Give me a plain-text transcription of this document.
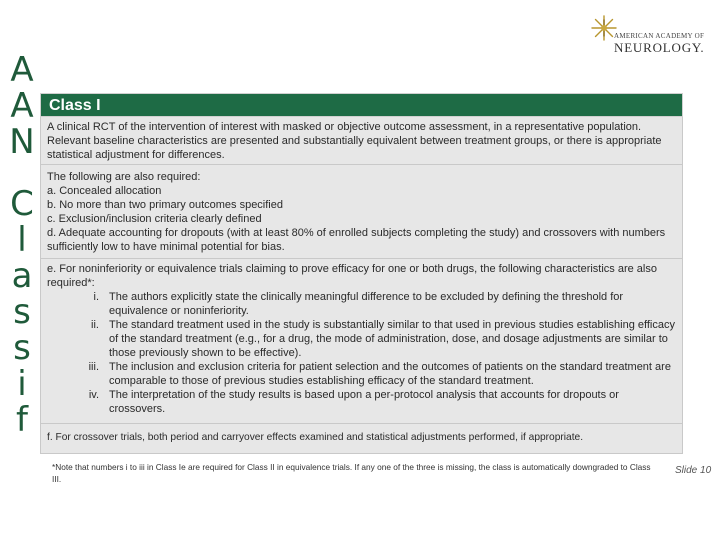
A
A
N
C
l
a
s
s
i
f
AMERICAN ACADEMY OF
NEUROLOGY.
Class I
A clinical RCT of the intervention of interest with masked or objective outcome assessment, in a representative population. Relevant baseline characteristics are presented and substantially equivalent between treatment groups, or there is appropriate statistical adjustment for differences.
The following are also required:
a. Concealed allocation
b. No more than two primary outcomes specified
c. Exclusion/inclusion criteria clearly defined
d. Adequate accounting for dropouts (with at least 80% of enrolled subjects completing the study) and crossovers with numbers sufficiently low to have minimal potential for bias.
e. For noninferiority or equivalence trials claiming to prove efficacy for one or both drugs, the following characteristics are also required*:
i. The authors explicitly state the clinically meaningful difference to be excluded by defining the threshold for equivalence or noninferiority.
ii. The standard treatment used in the study is substantially similar to that used in previous studies establishing efficacy of the standard treatment (e.g., for a drug, the mode of administration, dose, and dosage adjustments are similar to those previously shown to be effective).
iii. The inclusion and exclusion criteria for patient selection and the outcomes of patients on the standard treatment are comparable to those of previous studies establishing efficacy of the standard treatment.
iv. The interpretation of the study results is based upon a per-protocol analysis that accounts for dropouts or crossovers.
f. For crossover trials, both period and carryover effects examined and statistical adjustments performed, if appropriate.
*Note that numbers i to iii in Class Ie are required for Class II in equivalence trials. If any one of the three is missing, the class is automatically downgraded to Class III.
Slide 10
